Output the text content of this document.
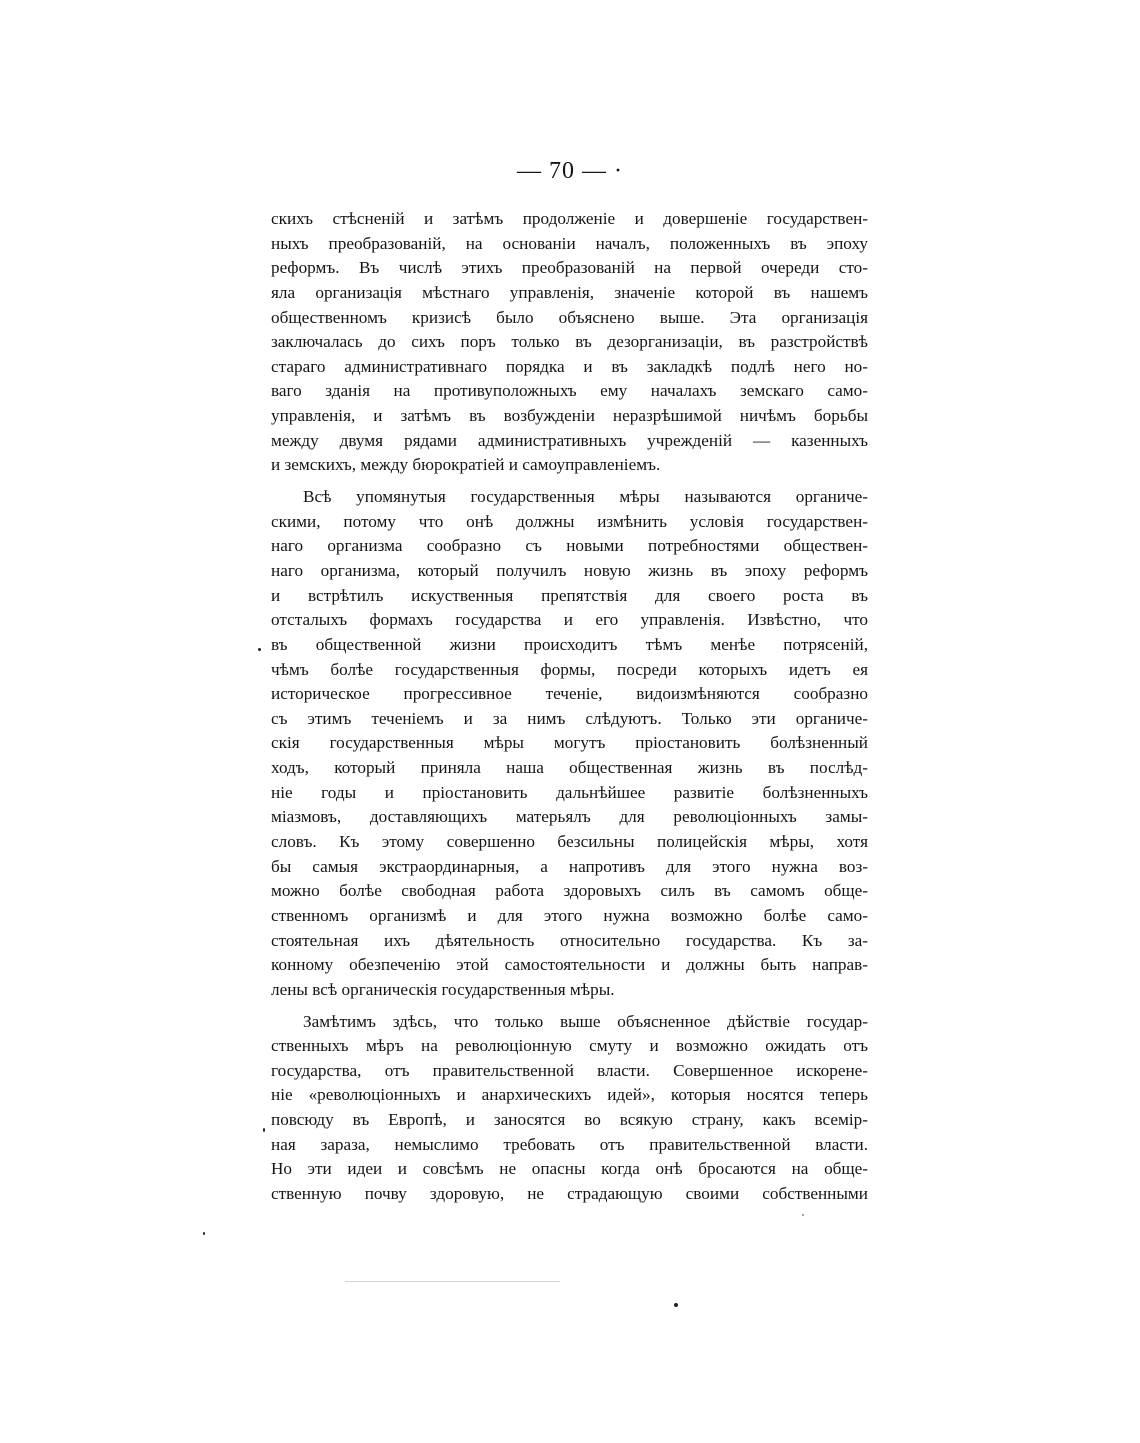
— 70 — ·
скихъ стѣсненій и затѣмъ продолженіе и довершеніе государствен-
ныхъ преобразованій, на основаніи началъ, положенныхъ въ эпоху
реформъ. Въ числѣ этихъ преобразованій на первой очереди сто-
яла организація мѣстнаго управленія, значеніе которой въ нашемъ
общественномъ кризисѣ было объяснено выше. Эта организація
заключалась до сихъ поръ только въ дезорганизаціи, въ разстройствѣ
стараго административнаго порядка и въ закладкѣ подлѣ него но-
ваго зданія на противуположныхъ ему началахъ земскаго само-
управленія, и затѣмъ въ возбужденіи неразрѣшимой ничѣмъ борьбы
между двумя рядами административныхъ учрежденій — казенныхъ
и земскихъ, между бюрократіей и самоуправленіемъ.
Всѣ упомянутыя государственныя мѣры называются органиче-
скими, потому что онѣ должны измѣнить условія государствен-
наго организма сообразно съ новыми потребностями обществен-
наго организма, который получилъ новую жизнь въ эпоху реформъ
и встрѣтилъ искуственныя препятствія для своего роста въ
отсталыхъ формахъ государства и его управленія. Извѣстно, что
въ общественной жизни происходитъ тѣмъ менѣе потрясеній,
чѣмъ болѣе государственныя формы, посреди которыхъ идетъ ея
историческое прогрессивное теченіе, видоизмѣняются сообразно
съ этимъ теченіемъ и за нимъ слѣдуютъ. Только эти органиче-
скія государственныя мѣры могутъ пріостановить болѣзненный
ходъ, который приняла наша общественная жизнь въ послѣд-
ніе годы и пріостановить дальнѣйшее развитіе болѣзненныхъ
міазмовъ, доставляющихъ матерьялъ для революціонныхъ замы-
словъ. Къ этому совершенно безсильны полицейскія мѣры, хотя
бы самыя экстраординарныя, а напротивъ для этого нужна воз-
можно болѣе свободная работа здоровыхъ силъ въ самомъ обще-
ственномъ организмѣ и для этого нужна возможно болѣе само-
стоятельная ихъ дѣятельность относительно государства. Къ за-
конному обезпеченію этой самостоятельности и должны быть направ-
лены всѣ органическія государственныя мѣры.
Замѣтимъ здѣсь, что только выше объясненное дѣйствіе государ-
ственныхъ мѣръ на революціонную смуту и возможно ожидать отъ
государства, отъ правительственной власти. Совершенное искорене-
ніе «революціонныхъ и анархическихъ идей», которыя носятся теперь
повсюду въ Европѣ, и заносятся во всякую страну, какъ всемір-
ная зараза, немыслимо требовать отъ правительственной власти.
Но эти идеи и совсѣмъ не опасны когда онѣ бросаются на обще-
ственную почву здоровую, не страдающую своими собственными
